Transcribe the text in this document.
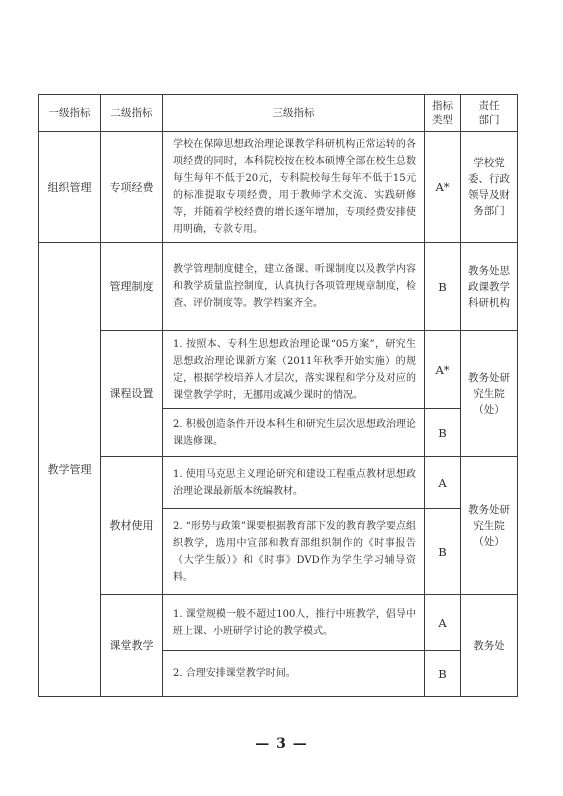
一级指标	二级指标	三级指标	指标类型	责任部门

组织管理	专项经费	学校在保障思想政治理论课教学科研机构正常运转的各项经费的同时，本科院校按在校本硕博全部在校生总数每生每年不低于20元，专科院校每生每年不低于15元的标准提取专项经费，用于教师学术交流、实践研修等，并随着学校经费的增长逐年增加，专项经费安排使用明确，专款专用。	A*	学校党委、行政领导及财务部门
教学管理	管理制度	教学管理制度健全，建立备课、听课制度以及教学内容和教学质量监控制度，认真执行各项管理规章制度，检查、评价制度等。教学档案齐全。	B	教务处思政课教学科研机构
	课程设置	1. 按照本、专科生思想政治理论课“05方案”，研究生思想政治理论课新方案（2011年秋季开始实施）的规定，根据学校培养人才层次，落实课程和学分及对应的课堂教学学时，无挪用或减少课时的情况。	A*	教务处研究生院（处）
		2. 积极创造条件开设本科生和研究生层次思想政治理论课选修课。	B	
	教材使用	1. 使用马克思主义理论研究和建设工程重点教材思想政治理论课最新版本统编教材。	A	教务处研究生院（处）
		2. “形势与政策”课要根据教育部下发的教育教学要点组织教学，选用中宣部和教育部组织制作的《时事报告（大学生版）》和《时事》DVD作为学生学习辅导资料。	B	
	课堂教学	1. 课堂规模一般不超过100人，推行中班教学，倡导中班上课、小班研学讨论的教学模式。	A	教务处
		2. 合理安排课堂教学时间。	B	
— 3 —
